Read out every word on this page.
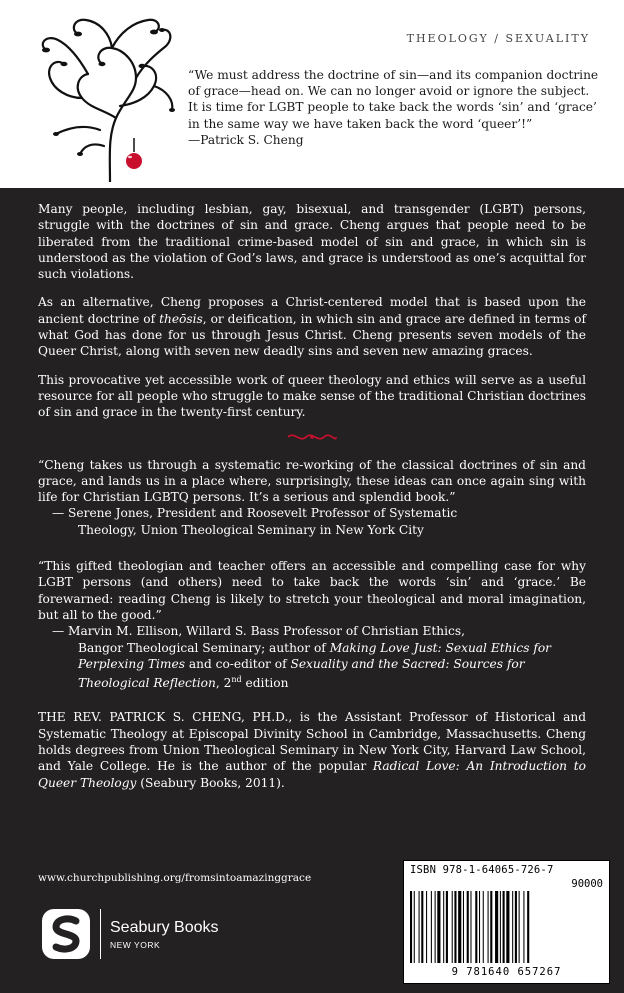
THEOLOGY / SEXUALITY
“We must address the doctrine of sin—and its companion doctrine of grace—head on. We can no longer avoid or ignore the subject. It is time for LGBT people to take back the words ‘sin’ and ‘grace’ in the same way we have taken back the word ‘queer’!”
—Patrick S. Cheng

Many people, including lesbian, gay, bisexual, and transgender (LGBT) persons, struggle with the doctrines of sin and grace. Cheng argues that people need to be liberated from the traditional crime-based model of sin and grace, in which sin is understood as the violation of God’s laws, and grace is understood as one’s acquittal for such violations.

As an alternative, Cheng proposes a Christ-centered model that is based upon the ancient doctrine of theōsis, or deification, in which sin and grace are defined in terms of what God has done for us through Jesus Christ. Cheng presents seven models of the Queer Christ, along with seven new deadly sins and seven new amazing graces.

This provocative yet accessible work of queer theology and ethics will serve as a useful resource for all people who struggle to make sense of the traditional Christian doctrines of sin and grace in the twenty-first century.

“Cheng takes us through a systematic re-working of the classical doctrines of sin and grace, and lands us in a place where, surprisingly, these ideas can once again sing with life for Christian LGBTQ persons. It’s a serious and splendid book.”
— Serene Jones, President and Roosevelt Professor of Systematic
Theology, Union Theological Seminary in New York City
“This gifted theologian and teacher offers an accessible and compelling case for why LGBT persons (and others) need to take back the words ‘sin’ and ‘grace.’ Be forewarned: reading Cheng is likely to stretch your theological and moral imagination, but all to the good.”
— Marvin M. Ellison, Willard S. Bass Professor of Christian Ethics,
Bangor Theological Seminary; author of Making Love Just: Sexual Ethics for Perplexing Times and co-editor of Sexuality and the Sacred: Sources for Theological Reflection, 2nd edition

THE REV. PATRICK S. CHENG, PH.D., is the Assistant Professor of Historical and Systematic Theology at Episcopal Divinity School in Cambridge, Massachusetts. Cheng holds degrees from Union Theological Seminary in New York City, Harvard Law School, and Yale College. He is the author of the popular Radical Love: An Introduction to Queer Theology (Seabury Books, 2011).

www.churchpublishing.org/fromsintoamazinggrace
Seabury Books
NEW YORK
ISBN 978-1-64065-726-7
90000
9 781640 657267
